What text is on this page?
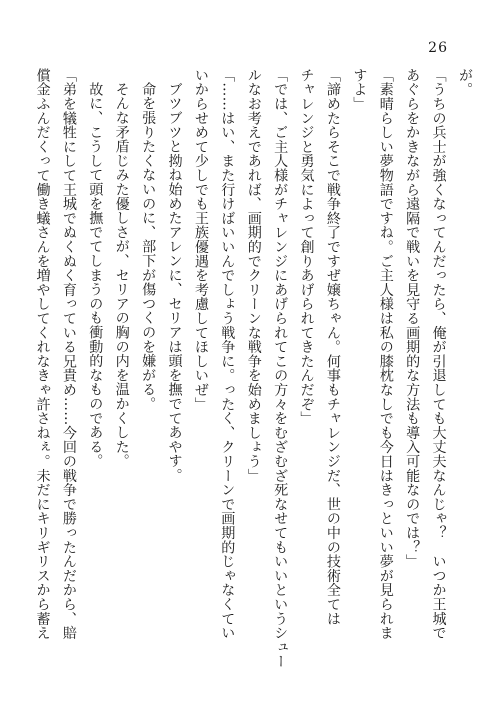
26
が。
「うちの兵士が強くなってんだったら、俺が引退しても大丈夫なんじゃ？　いつか王城で
あぐらをかきながら遠隔で戦いを見守る画期的な方法も導入可能なのでは？」
「素晴らしい夢物語ですね。ご主人様は私の膝枕なしでも今日はきっといい夢が見られま
すよ」
「諦めたらそこで戦争終了ですぜ嬢ちゃん。何事もチャレンジだ、世の中の技術全ては
チャレンジと勇気によって創りあげられてきたんだぞ」
「では、ご主人様がチャレンジにあげられてこの方々をむざむざ死なせてもいいというシュー
ルなお考えであれば、画期的でクリーンな戦争を始めましょう」
「……はい、また行けばいいんでしょう戦争に。ったく、クリーンで画期的じゃなくてい
いからせめて少しでも王族優遇を考慮してほしいぜ」
ブツブツと拗ね始めたアレンに、セリアは頭を撫でてあやす。
命を張りたくないのに、部下が傷つくのを嫌がる。
そんな矛盾じみた優しさが、セリアの胸の内を温かくした。
故に、こうして頭を撫でてしまうのも衝動的なものである。
「弟を犠牲にして王城でぬくぬく育っている兄貴め……今回の戦争で勝ったんだから、賠
償金ふんだくって働き蟻さんを増やしてくれなきゃ許さねぇ。未だにキリギリスから蓄え
